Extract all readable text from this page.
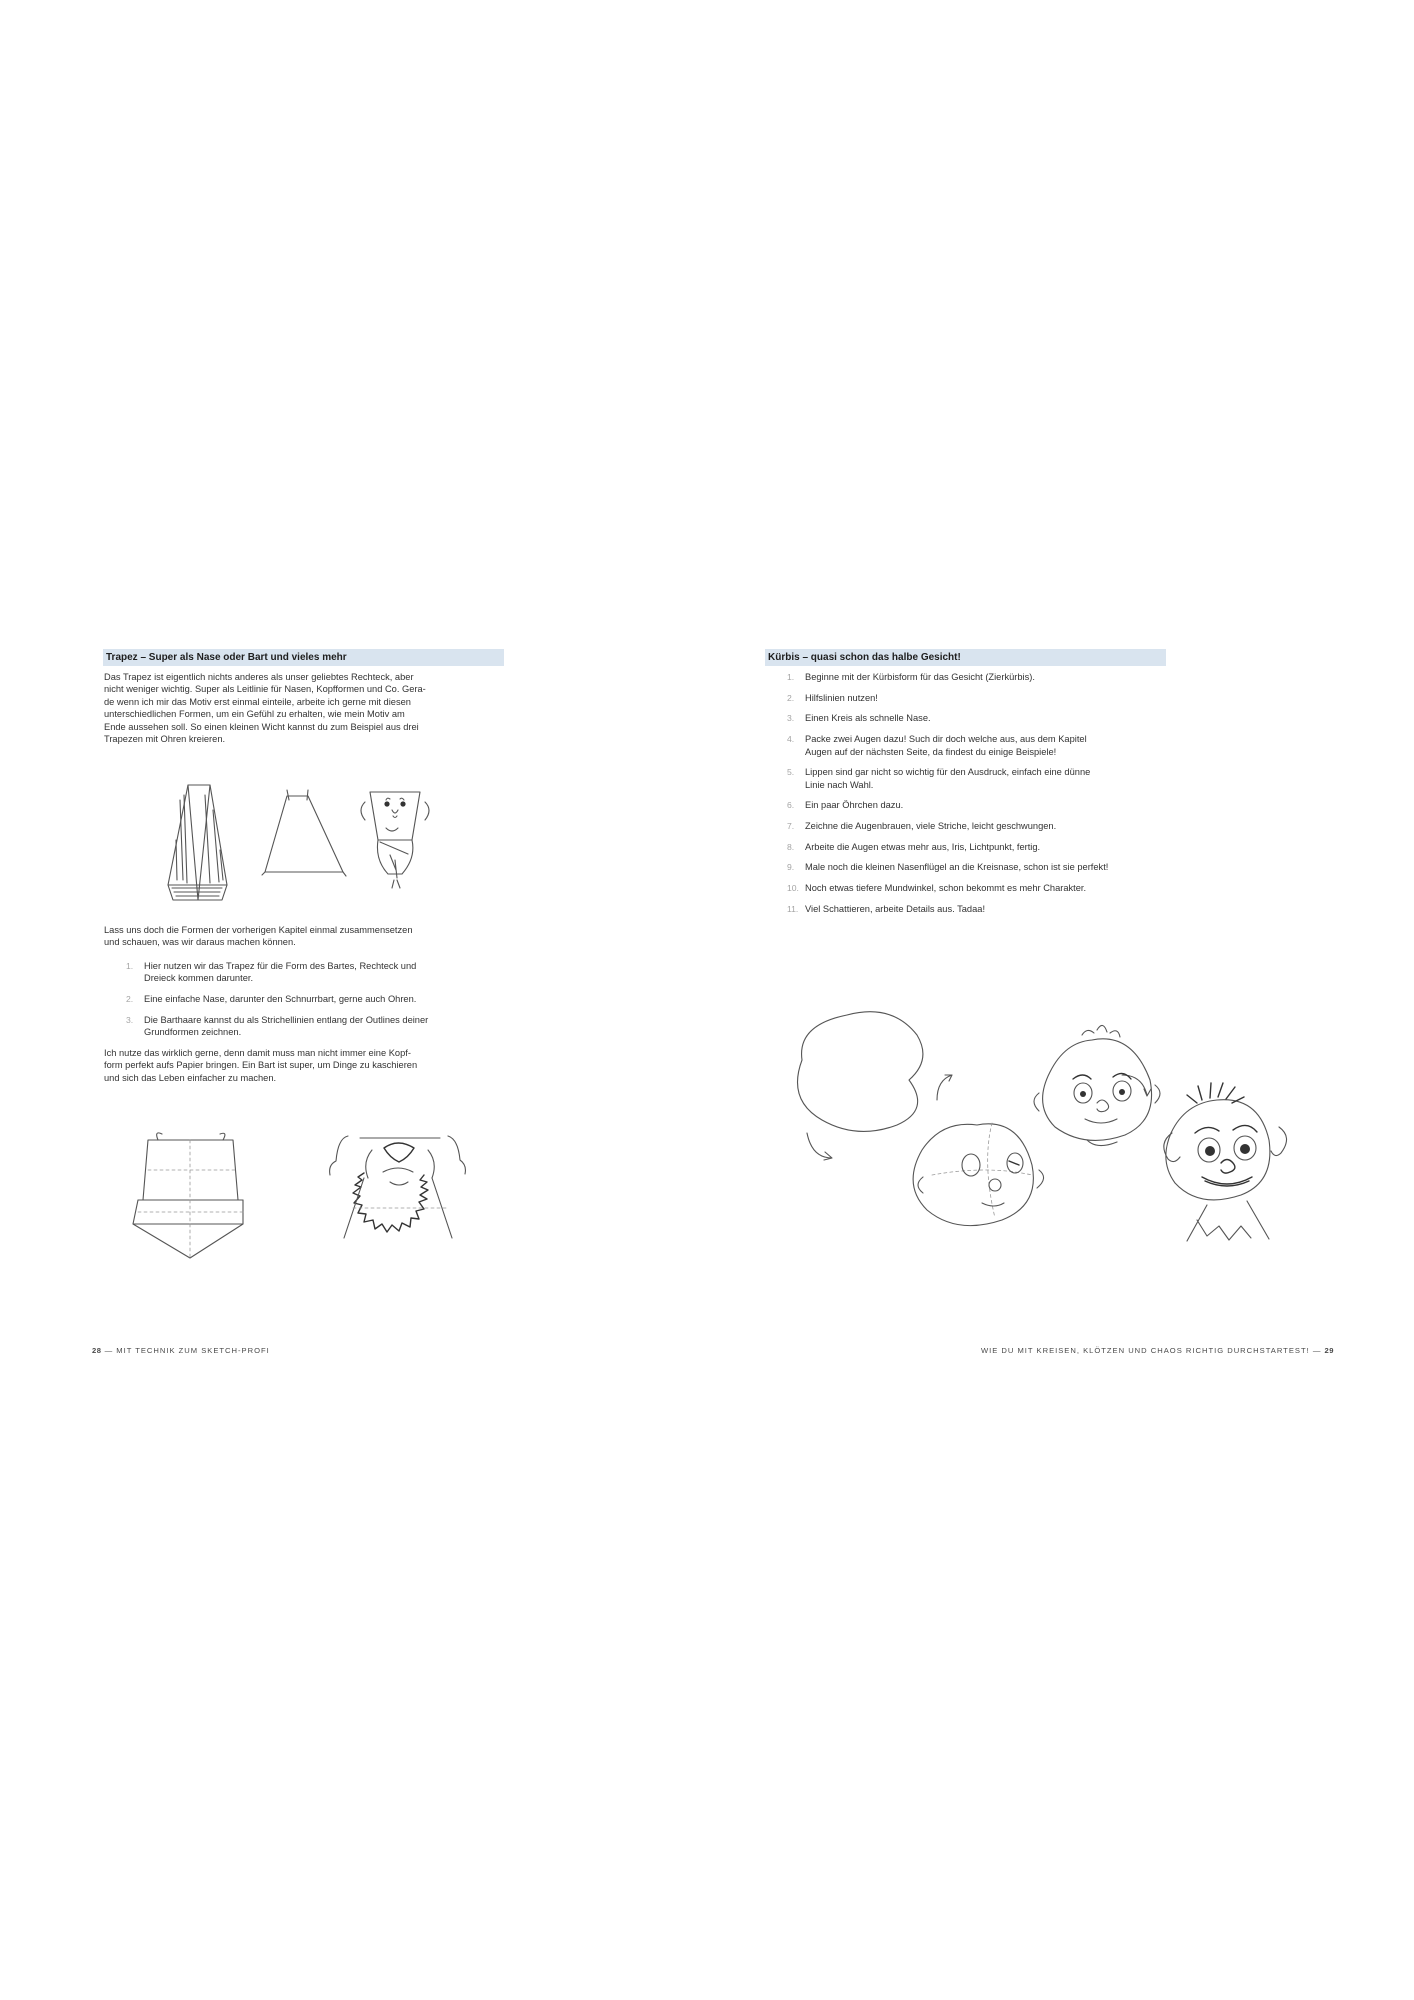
Trapez – Super als Nase oder Bart und vieles mehr

Das Trapez ist eigentlich nichts anderes als unser geliebtes Rechteck, aber
nicht weniger wichtig. Super als Leitlinie für Nasen, Kopfformen und Co. Gera-
de wenn ich mir das Motiv erst einmal einteile, arbeite ich gerne mit diesen
unterschiedlichen Formen, um ein Gefühl zu erhalten, wie mein Motiv am
Ende aussehen soll. So einen kleinen Wicht kannst du zum Beispiel aus drei
Trapezen mit Ohren kreieren.

Lass uns doch die Formen der vorherigen Kapitel einmal zusammensetzen
und schauen, was wir daraus machen können.

1. Hier nutzen wir das Trapez für die Form des Bartes, Rechteck und
Dreieck kommen darunter.
2. Eine einfache Nase, darunter den Schnurrbart, gerne auch Ohren.
3. Die Barthaare kannst du als Strichellinien entlang der Outlines deiner
Grundformen zeichnen.

Ich nutze das wirklich gerne, denn damit muss man nicht immer eine Kopf-
form perfekt aufs Papier bringen. Ein Bart ist super, um Dinge zu kaschieren
und sich das Leben einfacher zu machen.

28 — MIT TECHNIK ZUM SKETCH-PROFI
Kürbis – quasi schon das halbe Gesicht!
1. Beginne mit der Kürbisform für das Gesicht (Zierkürbis).
2. Hilfslinien nutzen!
3. Einen Kreis als schnelle Nase.
4. Packe zwei Augen dazu! Such dir doch welche aus, aus dem Kapitel
Augen auf der nächsten Seite, da findest du einige Beispiele!
5. Lippen sind gar nicht so wichtig für den Ausdruck, einfach eine dünne
Linie nach Wahl.
6. Ein paar Öhrchen dazu.
7. Zeichne die Augenbrauen, viele Striche, leicht geschwungen.
8. Arbeite die Augen etwas mehr aus, Iris, Lichtpunkt, fertig.
9. Male noch die kleinen Nasenflügel an die Kreisnase, schon ist sie perfekt!
10. Noch etwas tiefere Mundwinkel, schon bekommt es mehr Charakter.
11. Viel Schattieren, arbeite Details aus. Tadaa!
WIE DU MIT KREISEN, KLÖTZEN UND CHAOS RICHTIG DURCHSTARTEST! — 29
